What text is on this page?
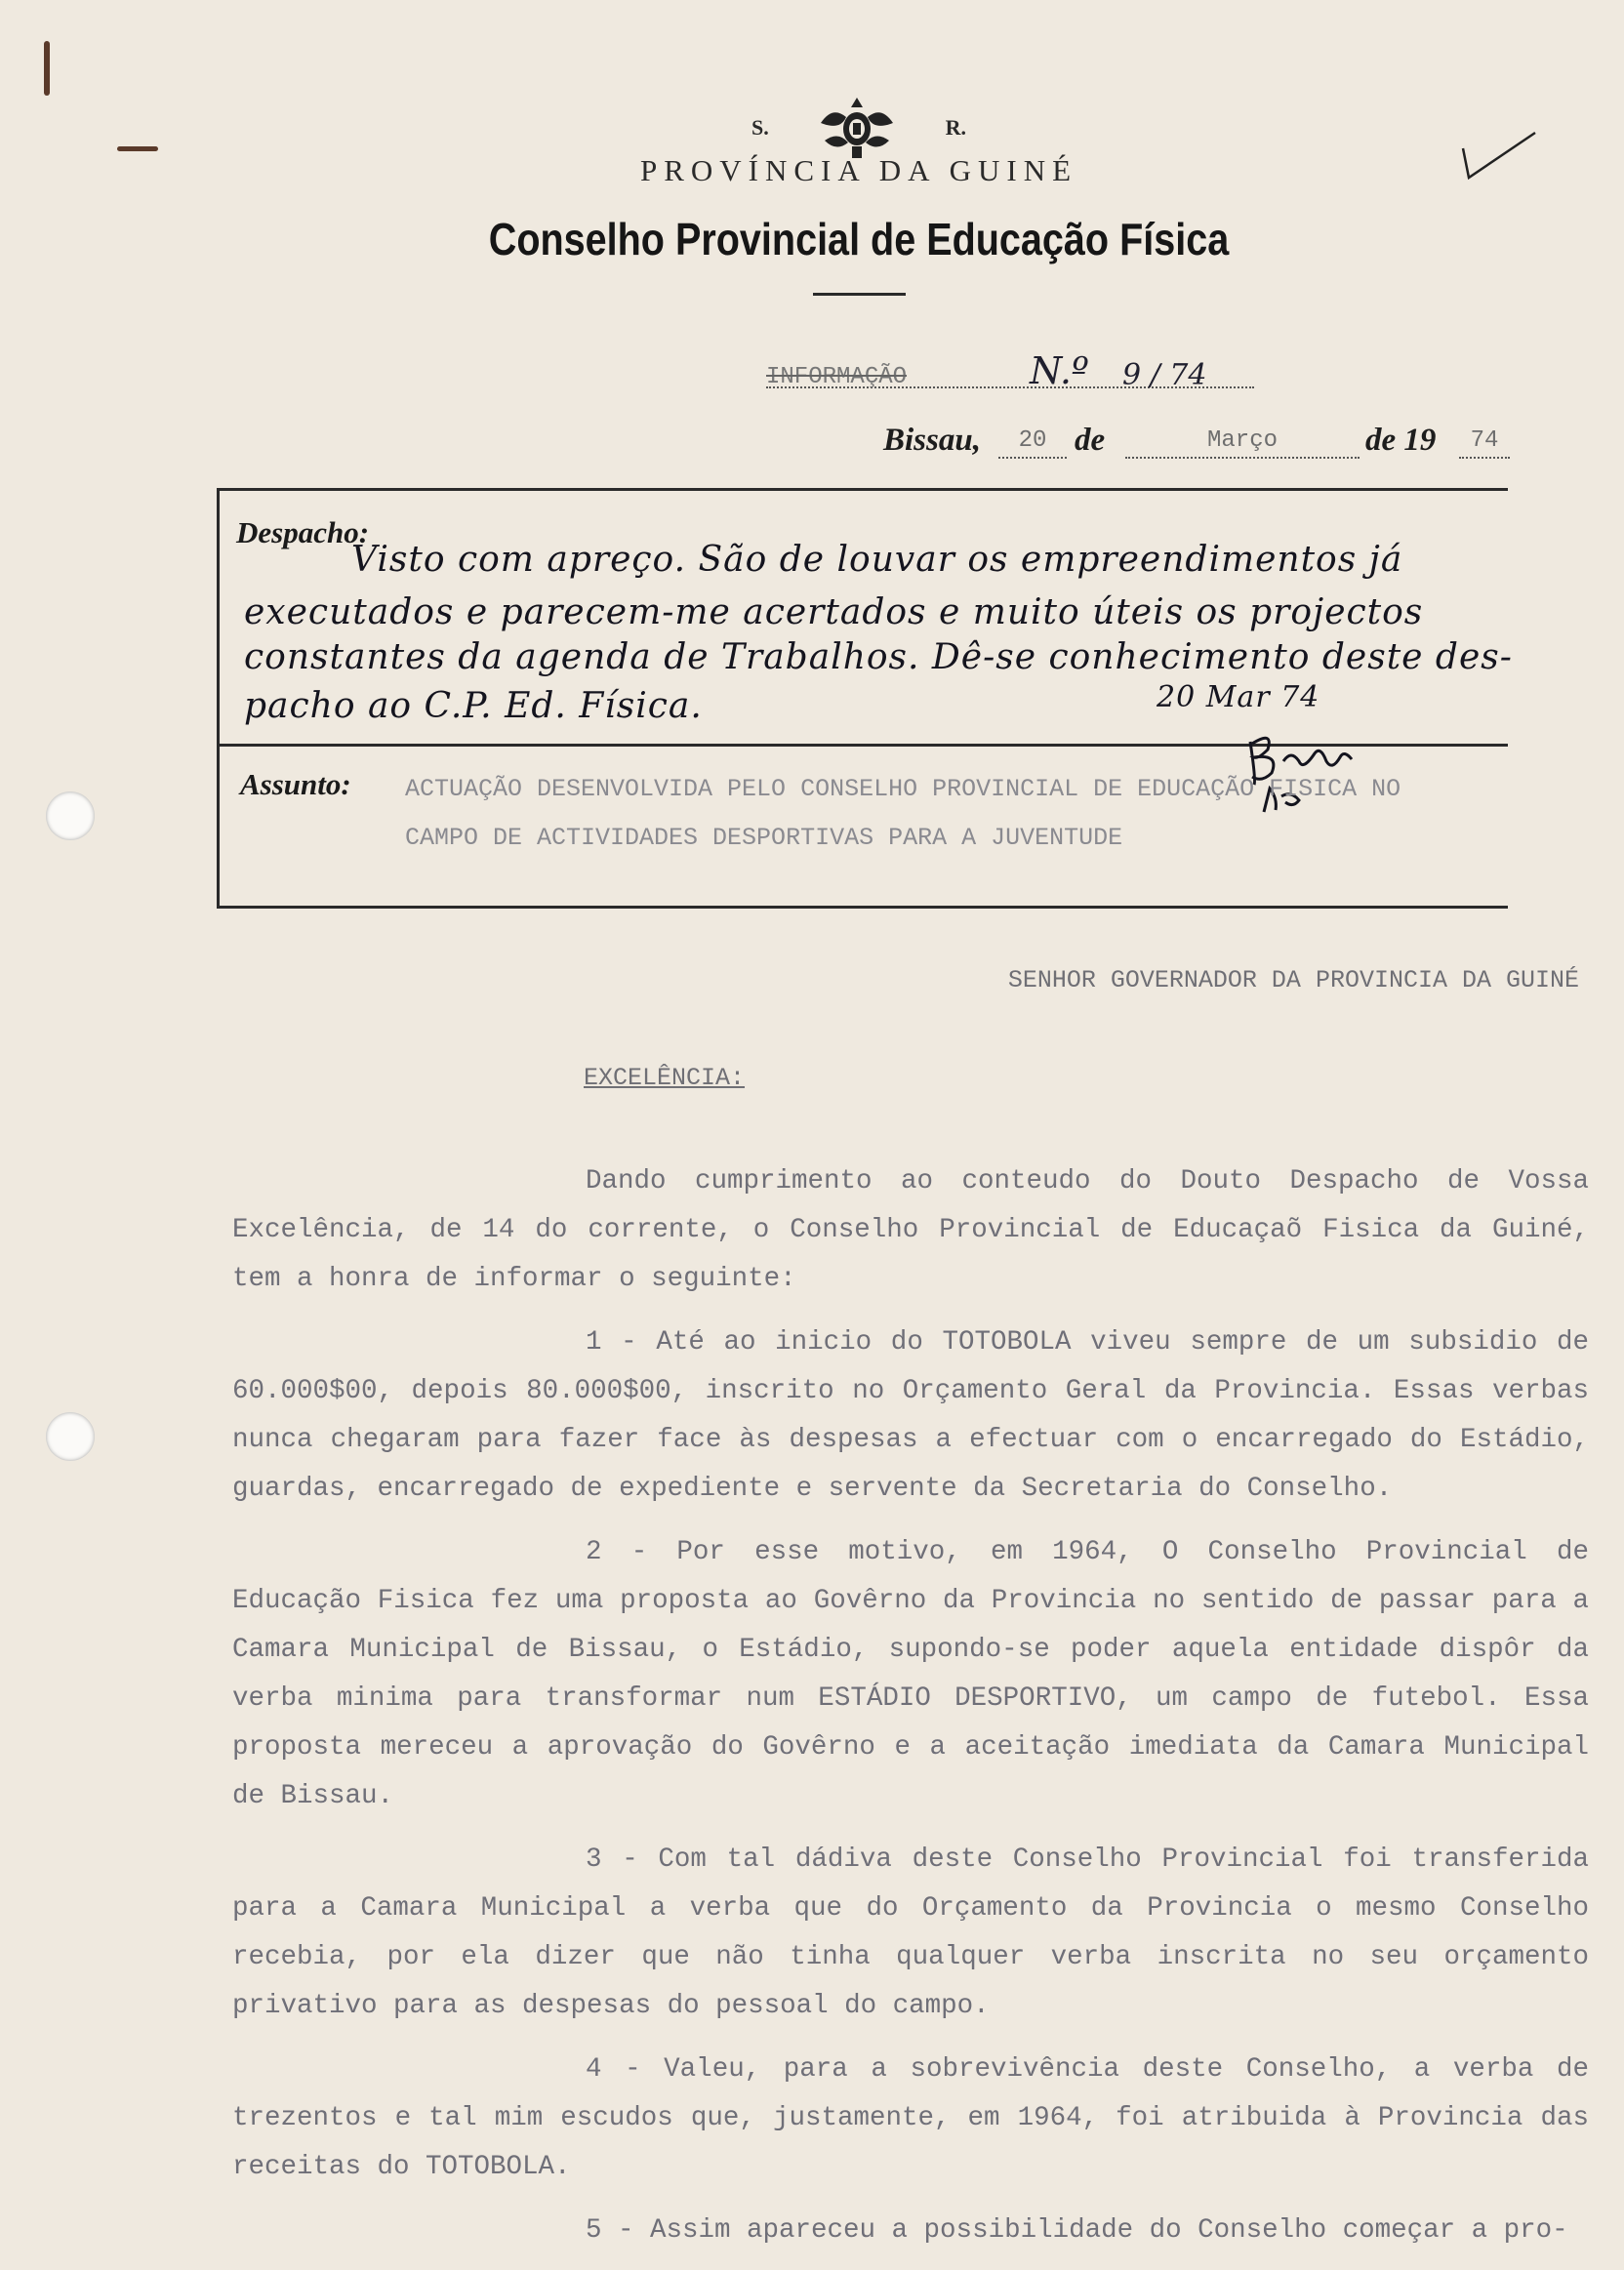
S.	R.
PROVÍNCIA DA GUINÉ
Conselho Provincial de Educação Física
INFORMAÇÃO	N.º 9 / 74
Bissau,	20 de	Março	de 19	74
Despacho:
Visto com apreço. São de louvar os empreendimentos já
executados e parecem-me acertados e muito úteis os projectos
constantes da agenda de Trabalhos. Dê-se conhecimento deste des-
pacho ao C.P. Ed. Física.	20 Mar 74
Assunto: ACTUAÇÃO DESENVOLVIDA PELO CONSELHO PROVINCIAL DE EDUCAÇÃO FISICA NO
CAMPO DE ACTIVIDADES DESPORTIVAS PARA A JUVENTUDE
SENHOR GOVERNADOR DA PROVINCIA DA GUINÉ
EXCELÊNCIA:

Dando cumprimento ao conteudo do Douto Despacho de Vossa Excelência, de 14 do corrente, o Conselho Provincial de Educaçaõ Fisica da Guiné, tem a honra de informar o seguinte:

1 - Até ao inicio do TOTOBOLA viveu sempre de um subsidio de 60.000$00, depois 80.000$00, inscrito no Orçamento Geral da Provincia. Essas verbas nunca chegaram para fazer face às despesas a efectuar com o encarregado do Estádio, guardas, encarregado de expediente e servente da Secretaria do Conselho.

2 - Por esse motivo, em 1964, O Conselho Provincial de Educação Fisica fez uma proposta ao Govêrno da Provincia no sentido de passar para a Camara Municipal de Bissau, o Estádio, supondo-se poder aquela entidade dispôr da verba minima para transformar num ESTÁDIO DESPORTIVO, um campo de futebol. Essa proposta mereceu a aprovação do Govêrno e a aceitação imediata da Camara Municipal de Bissau.

3 - Com tal dádiva deste Conselho Provincial foi transferida para a Camara Municipal a verba que do Orçamento da Provincia o mesmo Conselho recebia, por ela dizer que não tinha qualquer verba inscrita no seu orçamento privativo para as despesas do pessoal do campo.

4 - Valeu, para a sobrevivência deste Conselho, a verba de trezentos e tal mim escudos que, justamente, em 1964, foi atribuida à Provincia das receitas do TOTOBOLA.

5 - Assim apareceu a possibilidade do Conselho começar a pro-
